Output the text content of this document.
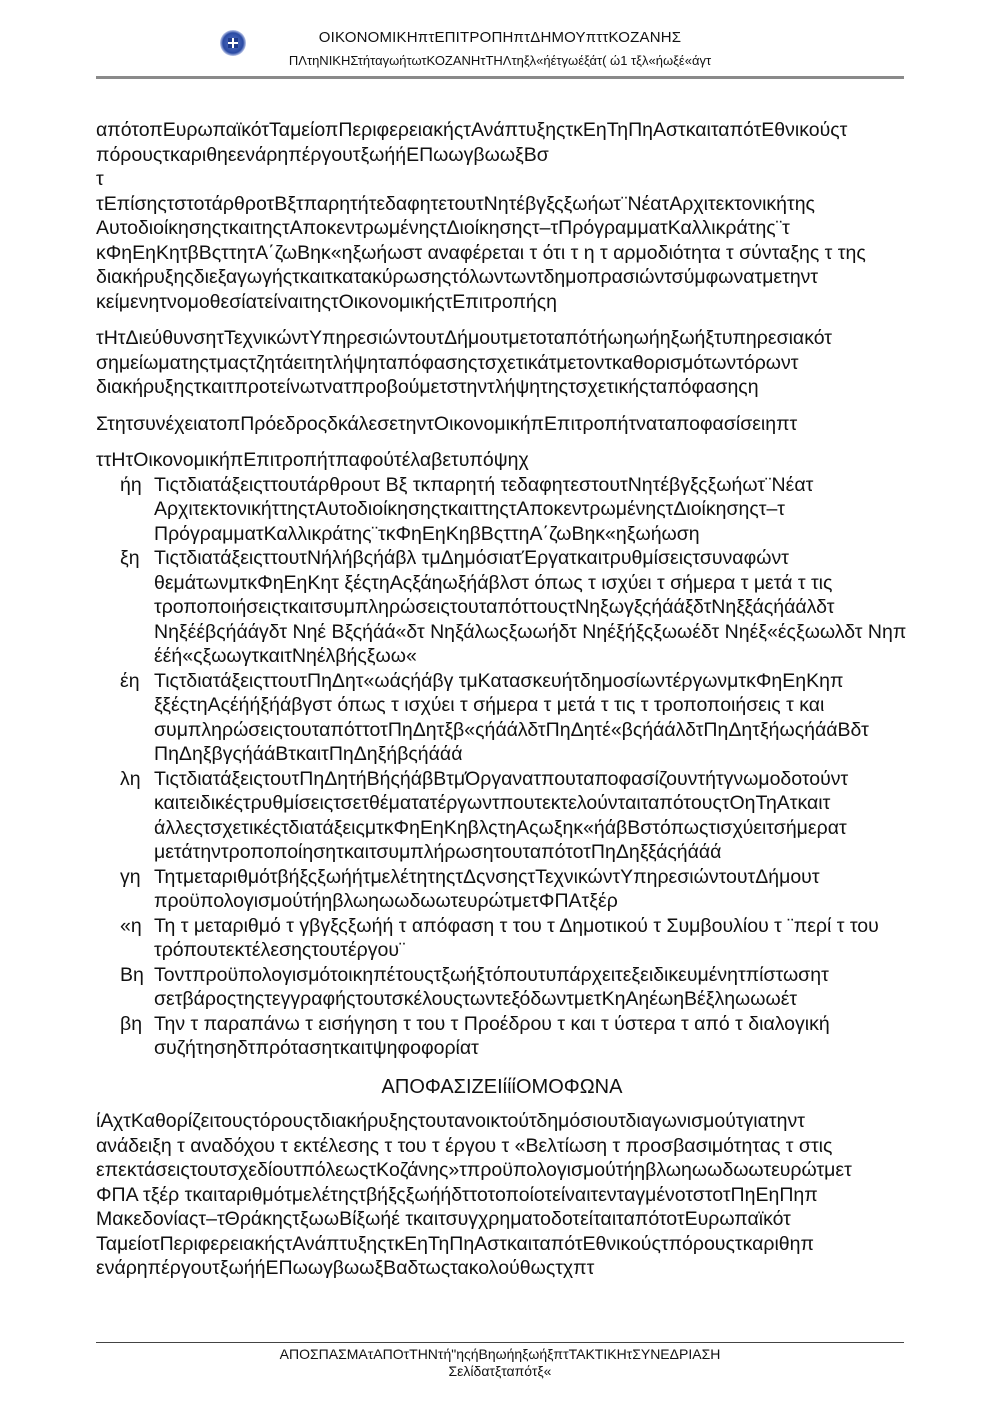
ΟΙΚΟΝΟΜΙΚΗπτΕΠΙΤΡΟΠΗπτΔΗΜΟΥπττΚΟΖΑΝΗΣ
ΠΛτηΝΙΚΗΣτήταγωήτωτΚΟΖΑΝΗτΤΗΛτηξλ«ήέτγωέξάτ( ώ1 τξλ«ήωξέ«άγτ

απότοπΕυρωπαϊκότΤαμείοπΠεριφερειακήςτΑνάπτυξηςτκΕηΤηΠηΑστκαιταπότΕθνικούςτ
πόρουςτκαριθηεενάρηπέργουτξωήήΕΠωωγβωωξΒσ

τ

τΕπίσηςτστοτάρθροτΒξτπαρητήτεδαφητετουτΝητέβγξςξωήωτ¨ΝέατΑρχιτεκτονικήτης
ΑυτοδιοίκησηςτκαιτηςτΑποκεντρωμένηςτΔιοίκησηςτ–τΠρόγραμματΚαλλικράτης¨τ
κΦηΕηΚητβΒςττητΑ΄ζωΒηκ«ηξωήωστ αναφέρεται τ ότι τ η τ αρμοδιότητα τ σύνταξης τ της
διακήρυξηςδιεξαγωγήςτκαιτκατακύρωσηςτόλωντωντδημοπρασιώντσύμφωνατμετηντ
κείμενητνομοθεσίατείναιτηςτΟικονομικήςτΕπιτροπήςη

τΗτΔιεύθυνσητΤεχνικώντΥπηρεσιώντουτΔήμουτμετοταπότήωηωήηξωήξτυπηρεσιακότ
σημείωματηςτμαςτζητάειτητλήψηταπόφασηςτσχετικάτμετοντκαθορισμότωντόρωντ
διακήρυξηςτκαιτπροτείνωτνατπροβούμετστηντλήψητηςτσχετικήςταπόφασηςη

ΣτητσυνέχειατοπΠρόεδροςδκάλεσετηντΟικονομικήπΕπιτροπήτναταποφασίσειηπτ

ττΗτΟικονομικήπΕπιτροπήτπαφούτέλαβετυπόψηχ

ήη Τιςτδιατάξειςττουτάρθρουτ Βξ τκπαρητή τεδαφητεστουτΝητέβγξςξωήωτ¨Νέατ
ΑρχιτεκτονικήττηςτΑυτοδιοίκησηςτκαιττηςτΑποκεντρωμένηςτΔιοίκησηςτ–τ
ΠρόγραμματΚαλλικράτης¨τκΦηΕηΚηβΒςττηΑ΄ζωΒηκ«ηξωήωση

ξη ΤιςτδιατάξειςττουτΝήλήβςήάβλ τμΔημόσιατΈργατκαιτρυθμίσειςτσυναφώντ
θεμάτωνμτκΦηΕηΚητ ξέςτηΑςξάηωξήάβλστ όπως τ ισχύει τ σήμερα τ μετά τ τις
τροποποιήσειςτκαιτσυμπληρώσειςτουταπόττουςτΝηξωγξςήάάξδτΝηξξάςήάάλδτ
Νηξέέβςήάάγδτ Νηέ Βξςήάά«δτ Νηξάλωςξωωήδτ Νηέξήξςξωωέδτ Νηέξ«έςξωωλδτ Νηπ
έέή«ςξωωγτκαιτΝηέλβήςξωω«

έη ΤιςτδιατάξειςττουτΠηΔητ«ωάςήάβγ τμΚατασκευήτδημοσίωντέργωνμτκΦηΕηΚηπ
ξξέςτηΑςέήήξήάβγστ όπως τ ισχύει τ σήμερα τ μετά τ τις τ τροποποιήσεις τ και
συμπληρώσειςτουταπόττοτΠηΔητξβ«ςήάάλδτΠηΔητέ«βςήάάλδτΠηΔητξήωςήάάΒδτ
ΠηΔηξβγςήάάΒτκαιτΠηΔηξήβςήάάά

λη ΤιςτδιατάξειςτουτΠηΔητήΒήςήάβΒτμΌργανατπουταποφασίζουντήτγνωμοδοτούντ
καιτειδικέςτρυθμίσειςτσετθέματατέργωντπουτεκτελούνταιταπότουςτΟηΤηΑτκαιτ
άλλεςτσχετικέςτδιατάξειςμτκΦηΕηΚηβλςτηΑςωξηκ«ήάβΒστόπωςτισχύειτσήμερατ
μετάτηντροποποίησητκαιτσυμπλήρωσητουταπότοτΠηΔηξξάςήάάά

γη ΤητμεταριθμότβήξςξωήήτμελέτητηςτΔςνσηςτΤεχνικώντΥπηρεσιώντουτΔήμουτ
προϋπολογισμούτήηβλωηωωδωωτευρώτμετΦΠΑτξέρ

«η Τη τ μεταριθμό τ γβγξςξωήή τ απόφαση τ του τ Δημοτικού τ Συμβουλίου τ ¨περί τ του
τρόπουτεκτέλεσηςτουτέργου¨

Βη Τοντπροϋπολογισμότοικηπέτουςτξωήξτόπουτυπάρχειτεξειδικευμένητπίστωσητ
σετβάροςτηςτεγγραφήςτουτσκέλουςτωντεξόδωντμετΚηΑηέωηΒέξληωωωέτ

βη Την τ παραπάνω τ εισήγηση τ του τ Προέδρου τ και τ ύστερα τ από τ διαλογική
συζήτησηδτπρότασητκαιτψηφοφορίατ

ΑΠΟΦΑΣΙΖΕΙίίίΟΜΟΦΩΝΑ

ίΑχτΚαθορίζειτουςτόρουςτδιακήρυξηςτουτανοικτούτδημόσιουτδιαγωνισμούτγιατηντ
ανάδειξη τ αναδόχου τ εκτέλεσης τ του τ έργου τ «Βελτίωση τ προσβασιμότητας τ στις
επεκτάσειςτουτσχεδίουτπόλεωςτΚοζάνης»τπροϋπολογισμούτήηβλωηωωδωωτευρώτμετ
ΦΠΑ τξέρ τκαιταριθμότμελέτηςτβήξςξωήήδττοτοποίοτείναιτενταγμένοτστοτΠηΕηΠηπ
Μακεδονίαςτ–τΘράκηςτξωωΒίξωήέ τκαιτσυγχρηματοδοτείταιταπότοτΕυρωπαϊκότ
ΤαμείοτΠεριφερειακήςτΑνάπτυξηςτκΕηΤηΠηΑστκαιταπότΕθνικούςτπόρουςτκαριθηπ
ενάρηπέργουτξωήήΕΠωωγβωωξΒαδτωςτακολούθωςτχπτ

ΑΠΟΣΠΑΣΜΑτΑΠΟτΤΗΝτή"ηςήΒηωήηξωήξπτΤΑΚΤΙΚΗτΣΥΝΕΔΡΙΑΣΗ
Σελίδατξταπότξ«
